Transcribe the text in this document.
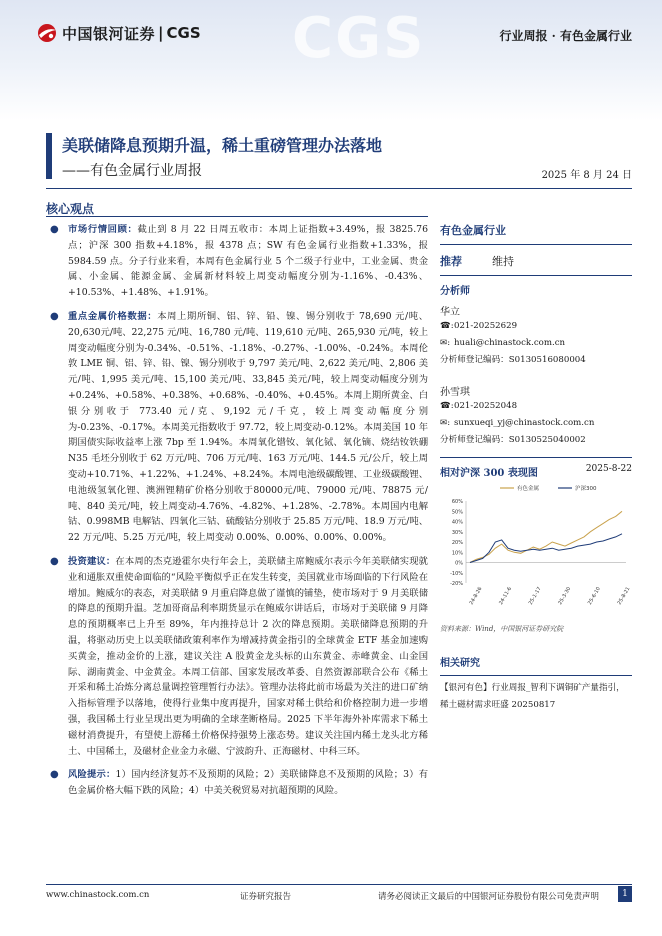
CGS
中国银河证券 | CGS	行业周报 · 有色金属行业
美联储降息预期升温，稀土重磅管理办法落地
——有色金属行业周报	2025 年 8 月 24 日
核心观点
● 市场行情回顾：截止到 8 月 22 日周五收市：本周上证指数+3.49%，报 3825.76 点；沪深 300 指数+4.18%，报 4378 点；SW 有色金属行业指数+1.33%，报 5984.59 点。分子行业来看，本周有色金属行业 5 个二级子行业中，工业金属、贵金属、小金属、能源金属、金属新材料较上周变动幅度分别为-1.16%、-0.43%、+10.53%、+1.48%、+1.91%。
● 重点金属价格数据：本周上期所铜、铝、锌、铅、镍、锡分别收于 78,690 元/吨、20,630元/吨、22,275 元/吨、16,780 元/吨、119,610 元/吨、265,930 元/吨，较上周变动幅度分别为-0.34%、-0.51%、-1.18%、-0.27%、-1.00%、-0.24%。本周伦敦 LME 铜、铝、锌、铅、镍、锡分别收于 9,797 美元/吨、2,622 美元/吨、2,806 美元/吨、1,995 美元/吨、15,100 美元/吨、33,845 美元/吨，较上周变动幅度分别为+0.24%、+0.58%、+0.38%、+0.68%、-0.40%、+0.45%。本周上期所黄金、白银分别收于 773.40 元/克、9,192 元/千克，较上周变动幅度分别为-0.23%、-0.17%。本周美元指数收于 97.72，较上周变动-0.12%。本周美国 10 年期国债实际收益率上涨 7bp 至 1.94%。本周氧化镨钕、氧化铽、氧化镝、烧结钕铁硼 N35 毛坯分别收于 62 万元/吨、706 万元/吨、163 万元/吨、144.5 元/公斤，较上周变动+10.71%、+1.22%、+1.24%、+8.24%。本周电池级碳酸锂、工业级碳酸锂、电池级氢氧化锂、澳洲锂精矿价格分别收于80000元/吨、79000 元/吨、78875 元/吨、840 美元/吨，较上周变动-4.76%、-4.82%、+1.28%、-2.78%。本周国内电解钴、0.998MB 电解钴、四氧化三钴、硫酸钴分别收于 25.85 万元/吨、18.9 万元/吨、22 万元/吨、5.25 万元/吨，较上周变动 0.00%、0.00%、0.00%、0.00%。
● 投资建议：在本周的杰克逊霍尔央行年会上，美联储主席鲍威尔表示今年美联储实现就业和通胀双重使命面临的“风险平衡似乎正在发生转变，美国就业市场面临的下行风险在增加。鲍威尔的表态，对美联储 9 月重启降息做了谨慎的铺垫，使市场对于 9 月美联储的降息的预期升温。芝加哥商品利率期货显示在鲍威尔讲话后，市场对于美联储 9 月降息的预期概率已上升至 89%，年内推持总计 2 次的降息预期。美联储降息预期的升温，将驱动历史上以美联储政策利率作为增减持黄金指引的全球黄金 ETF 基金加速购买黄金，推动金价的上涨，建议关注 A 股黄金龙头标的山东黄金、赤峰黄金、山金国际、湖南黄金、中金黄金。本周工信部、国家发展改革委、自然资源部联合公布《稀土开采和稀土冶炼分离总量调控管理暂行办法》。管理办法将此前市场最为关注的进口矿纳入指标管理予以落地，使得行业集中度再提升，国家对稀土供给和价格控制力进一步增强，我国稀土行业呈现出更为明确的全球垄断格局。2025 下半年海外补库需求下稀土磁材消费提升，有望使上游稀土价格保持强势上涨态势。建议关注国内稀土龙头北方稀土、中国稀土，及磁材企业金力永磁、宁波韵升、正海磁材、中科三环。
● 风险提示：1）国内经济复苏不及预期的风险；2）美联储降息不及预期的风险；3）有色金属价格大幅下跌的风险；4）中美关税贸易对抗超预期的风险。
有色金属行业
推荐	维持
分析师
华立
☎:021-20252629
✉: huali@chinastock.com.cn
分析师登记编码：S0130516080004
孙雪琪
☎:021-20252048
✉: sunxueqi_yj@chinastock.com.cn
分析师登记编码：S0130525040002
相对沪深 300 表现图	2025-8-22
60%
50%
40%
30%
20%
10%
0%
-10%
-20%
24-8-26	24-11-6	25-1-17	25-3-30	25-6-10	25-8-21
有色金属	沪深300
资料来源：Wind，中国银河证券研究院
相关研究
【银河有色】行业周报_智利下调铜矿产量指引，稀土磁材需求旺盛 20250817
www.chinastock.com.cn	证券研究报告	请务必阅读正文最后的中国银河证券股份有限公司免责声明	1
